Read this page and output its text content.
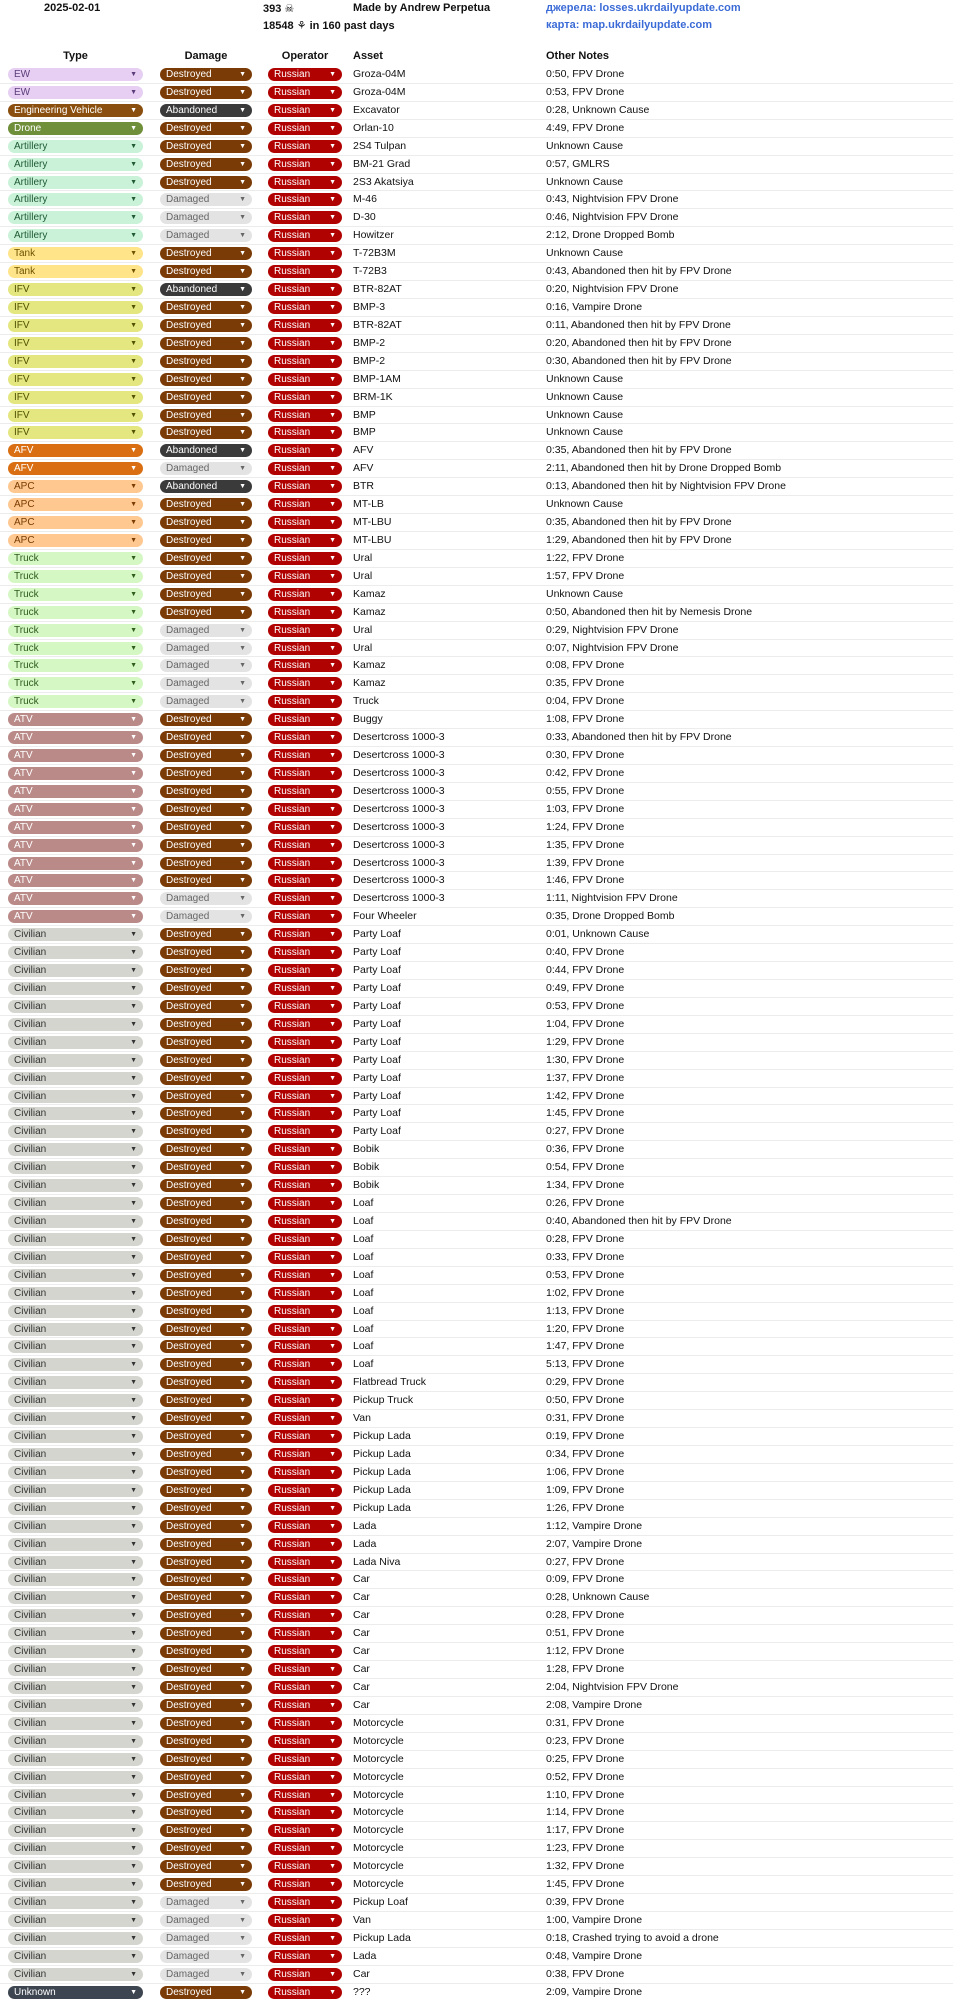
2025-02-01	393 ☠
18548 ⚘ in 160 past days
Made by Andrew Perpetua	джерела: losses.ukrdailyupdate.com
карта: map.ukrdailyupdate.com
Type	Damage	Operator	Asset	Other Notes
EW	▼	Destroyed	▼	Russian	▼ Groza-04M	0:50, FPV Drone
EW	▼	Destroyed	▼	Russian	▼ Groza-04M	0:53, FPV Drone
Engineering Vehicle	▼	Abandoned	▼	Russian	▼ Excavator	0:28, Unknown Cause
Drone	▼	Destroyed	▼	Russian	▼ Orlan-10	4:49, FPV Drone
Artillery	▼	Destroyed	▼	Russian	▼ 2S4 Tulpan	Unknown Cause
Artillery	▼	Destroyed	▼	Russian	▼ BM-21 Grad	0:57, GMLRS
Artillery	▼	Destroyed	▼	Russian	▼ 2S3 Akatsiya	Unknown Cause
Artillery	▼	Damaged	▼	Russian	▼ M-46	0:43, Nightvision FPV Drone
Artillery	▼	Damaged	▼	Russian	▼ D-30	0:46, Nightvision FPV Drone
Artillery	▼	Damaged	▼	Russian	▼ Howitzer	2:12, Drone Dropped Bomb
Tank	▼	Destroyed	▼	Russian	▼ T-72B3M	Unknown Cause
Tank	▼	Destroyed	▼	Russian	▼ T-72B3	0:43, Abandoned then hit by FPV Drone
IFV	▼	Abandoned	▼	Russian	▼ BTR-82AT	0:20, Nightvision FPV Drone
IFV	▼	Destroyed	▼	Russian	▼ BMP-3	0:16, Vampire Drone
IFV	▼	Destroyed	▼	Russian	▼ BTR-82AT	0:11, Abandoned then hit by FPV Drone
IFV	▼	Destroyed	▼	Russian	▼ BMP-2	0:20, Abandoned then hit by FPV Drone
IFV	▼	Destroyed	▼	Russian	▼ BMP-2	0:30, Abandoned then hit by FPV Drone
IFV	▼	Destroyed	▼	Russian	▼ BMP-1AM	Unknown Cause
IFV	▼	Destroyed	▼	Russian	▼ BRM-1K	Unknown Cause
IFV	▼	Destroyed	▼	Russian	▼ BMP	Unknown Cause
IFV	▼	Destroyed	▼	Russian	▼ BMP	Unknown Cause
AFV	▼	Abandoned	▼	Russian	▼ AFV	0:35, Abandoned then hit by FPV Drone
AFV	▼	Damaged	▼	Russian	▼ AFV	2:11, Abandoned then hit by Drone Dropped Bomb
APC	▼	Abandoned	▼	Russian	▼ BTR	0:13, Abandoned then hit by Nightvision FPV Drone
APC	▼	Destroyed	▼	Russian	▼ MT-LB	Unknown Cause
APC	▼	Destroyed	▼	Russian	▼ MT-LBU	0:35, Abandoned then hit by FPV Drone
APC	▼	Destroyed	▼	Russian	▼ MT-LBU	1:29, Abandoned then hit by FPV Drone
Truck	▼	Destroyed	▼	Russian	▼ Ural	1:22, FPV Drone
Truck	▼	Destroyed	▼	Russian	▼ Ural	1:57, FPV Drone
Truck	▼	Destroyed	▼	Russian	▼ Kamaz	Unknown Cause
Truck	▼	Destroyed	▼	Russian	▼ Kamaz	0:50, Abandoned then hit by Nemesis Drone
Truck	▼	Damaged	▼	Russian	▼ Ural	0:29, Nightvision FPV Drone
Truck	▼	Damaged	▼	Russian	▼ Ural	0:07, Nightvision FPV Drone
Truck	▼	Damaged	▼	Russian	▼ Kamaz	0:08, FPV Drone
Truck	▼	Damaged	▼	Russian	▼ Kamaz	0:35, FPV Drone
Truck	▼	Damaged	▼	Russian	▼ Truck	0:04, FPV Drone
ATV	▼	Destroyed	▼	Russian	▼ Buggy	1:08, FPV Drone
ATV	▼	Destroyed	▼	Russian	▼ Desertcross 1000-3	0:33, Abandoned then hit by FPV Drone
ATV	▼	Destroyed	▼	Russian	▼ Desertcross 1000-3	0:30, FPV Drone
ATV	▼	Destroyed	▼	Russian	▼ Desertcross 1000-3	0:42, FPV Drone
ATV	▼	Destroyed	▼	Russian	▼ Desertcross 1000-3	0:55, FPV Drone
ATV	▼	Destroyed	▼	Russian	▼ Desertcross 1000-3	1:03, FPV Drone
ATV	▼	Destroyed	▼	Russian	▼ Desertcross 1000-3	1:24, FPV Drone
ATV	▼	Destroyed	▼	Russian	▼ Desertcross 1000-3	1:35, FPV Drone
ATV	▼	Destroyed	▼	Russian	▼ Desertcross 1000-3	1:39, FPV Drone
ATV	▼	Destroyed	▼	Russian	▼ Desertcross 1000-3	1:46, FPV Drone
ATV	▼	Damaged	▼	Russian	▼ Desertcross 1000-3	1:11, Nightvision FPV Drone
ATV	▼	Damaged	▼	Russian	▼ Four Wheeler	0:35, Drone Dropped Bomb
Civilian	▼	Destroyed	▼	Russian	▼ Party Loaf	0:01, Unknown Cause
Civilian	▼	Destroyed	▼	Russian	▼ Party Loaf	0:40, FPV Drone
Civilian	▼	Destroyed	▼	Russian	▼ Party Loaf	0:44, FPV Drone
Civilian	▼	Destroyed	▼	Russian	▼ Party Loaf	0:49, FPV Drone
Civilian	▼	Destroyed	▼	Russian	▼ Party Loaf	0:53, FPV Drone
Civilian	▼	Destroyed	▼	Russian	▼ Party Loaf	1:04, FPV Drone
Civilian	▼	Destroyed	▼	Russian	▼ Party Loaf	1:29, FPV Drone
Civilian	▼	Destroyed	▼	Russian	▼ Party Loaf	1:30, FPV Drone
Civilian	▼	Destroyed	▼	Russian	▼ Party Loaf	1:37, FPV Drone
Civilian	▼	Destroyed	▼	Russian	▼ Party Loaf	1:42, FPV Drone
Civilian	▼	Destroyed	▼	Russian	▼ Party Loaf	1:45, FPV Drone
Civilian	▼	Destroyed	▼	Russian	▼ Party Loaf	0:27, FPV Drone
Civilian	▼	Destroyed	▼	Russian	▼ Bobik	0:36, FPV Drone
Civilian	▼	Destroyed	▼	Russian	▼ Bobik	0:54, FPV Drone
Civilian	▼	Destroyed	▼	Russian	▼ Bobik	1:34, FPV Drone
Civilian	▼	Destroyed	▼	Russian	▼ Loaf	0:26, FPV Drone
Civilian	▼	Destroyed	▼	Russian	▼ Loaf	0:40, Abandoned then hit by FPV Drone
Civilian	▼	Destroyed	▼	Russian	▼ Loaf	0:28, FPV Drone
Civilian	▼	Destroyed	▼	Russian	▼ Loaf	0:33, FPV Drone
Civilian	▼	Destroyed	▼	Russian	▼ Loaf	0:53, FPV Drone
Civilian	▼	Destroyed	▼	Russian	▼ Loaf	1:02, FPV Drone
Civilian	▼	Destroyed	▼	Russian	▼ Loaf	1:13, FPV Drone
Civilian	▼	Destroyed	▼	Russian	▼ Loaf	1:20, FPV Drone
Civilian	▼	Destroyed	▼	Russian	▼ Loaf	1:47, FPV Drone
Civilian	▼	Destroyed	▼	Russian	▼ Loaf	5:13, FPV Drone
Civilian	▼	Destroyed	▼	Russian	▼ Flatbread Truck	0:29, FPV Drone
Civilian	▼	Destroyed	▼	Russian	▼ Pickup Truck	0:50, FPV Drone
Civilian	▼	Destroyed	▼	Russian	▼ Van	0:31, FPV Drone
Civilian	▼	Destroyed	▼	Russian	▼ Pickup Lada	0:19, FPV Drone
Civilian	▼	Destroyed	▼	Russian	▼ Pickup Lada	0:34, FPV Drone
Civilian	▼	Destroyed	▼	Russian	▼ Pickup Lada	1:06, FPV Drone
Civilian	▼	Destroyed	▼	Russian	▼ Pickup Lada	1:09, FPV Drone
Civilian	▼	Destroyed	▼	Russian	▼ Pickup Lada	1:26, FPV Drone
Civilian	▼	Destroyed	▼	Russian	▼ Lada	1:12, Vampire Drone
Civilian	▼	Destroyed	▼	Russian	▼ Lada	2:07, Vampire Drone
Civilian	▼	Destroyed	▼	Russian	▼ Lada Niva	0:27, FPV Drone
Civilian	▼	Destroyed	▼	Russian	▼ Car	0:09, FPV Drone
Civilian	▼	Destroyed	▼	Russian	▼ Car	0:28, Unknown Cause
Civilian	▼	Destroyed	▼	Russian	▼ Car	0:28, FPV Drone
Civilian	▼	Destroyed	▼	Russian	▼ Car	0:51, FPV Drone
Civilian	▼	Destroyed	▼	Russian	▼ Car	1:12, FPV Drone
Civilian	▼	Destroyed	▼	Russian	▼ Car	1:28, FPV Drone
Civilian	▼	Destroyed	▼	Russian	▼ Car	2:04, Nightvision FPV Drone
Civilian	▼	Destroyed	▼	Russian	▼ Car	2:08, Vampire Drone
Civilian	▼	Destroyed	▼	Russian	▼ Motorcycle	0:31, FPV Drone
Civilian	▼	Destroyed	▼	Russian	▼ Motorcycle	0:23, FPV Drone
Civilian	▼	Destroyed	▼	Russian	▼ Motorcycle	0:25, FPV Drone
Civilian	▼	Destroyed	▼	Russian	▼ Motorcycle	0:52, FPV Drone
Civilian	▼	Destroyed	▼	Russian	▼ Motorcycle	1:10, FPV Drone
Civilian	▼	Destroyed	▼	Russian	▼ Motorcycle	1:14, FPV Drone
Civilian	▼	Destroyed	▼	Russian	▼ Motorcycle	1:17, FPV Drone
Civilian	▼	Destroyed	▼	Russian	▼ Motorcycle	1:23, FPV Drone
Civilian	▼	Destroyed	▼	Russian	▼ Motorcycle	1:32, FPV Drone
Civilian	▼	Destroyed	▼	Russian	▼ Motorcycle	1:45, FPV Drone
Civilian	▼	Damaged	▼	Russian	▼ Pickup Loaf	0:39, FPV Drone
Civilian	▼	Damaged	▼	Russian	▼ Van	1:00, Vampire Drone
Civilian	▼	Damaged	▼	Russian	▼ Pickup Lada	0:18, Crashed trying to avoid a drone
Civilian	▼	Damaged	▼	Russian	▼ Lada	0:48, Vampire Drone
Civilian	▼	Damaged	▼	Russian	▼ Car	0:38, FPV Drone
Unknown	▼	Destroyed	▼	Russian	▼ ???	2:09, Vampire Drone
